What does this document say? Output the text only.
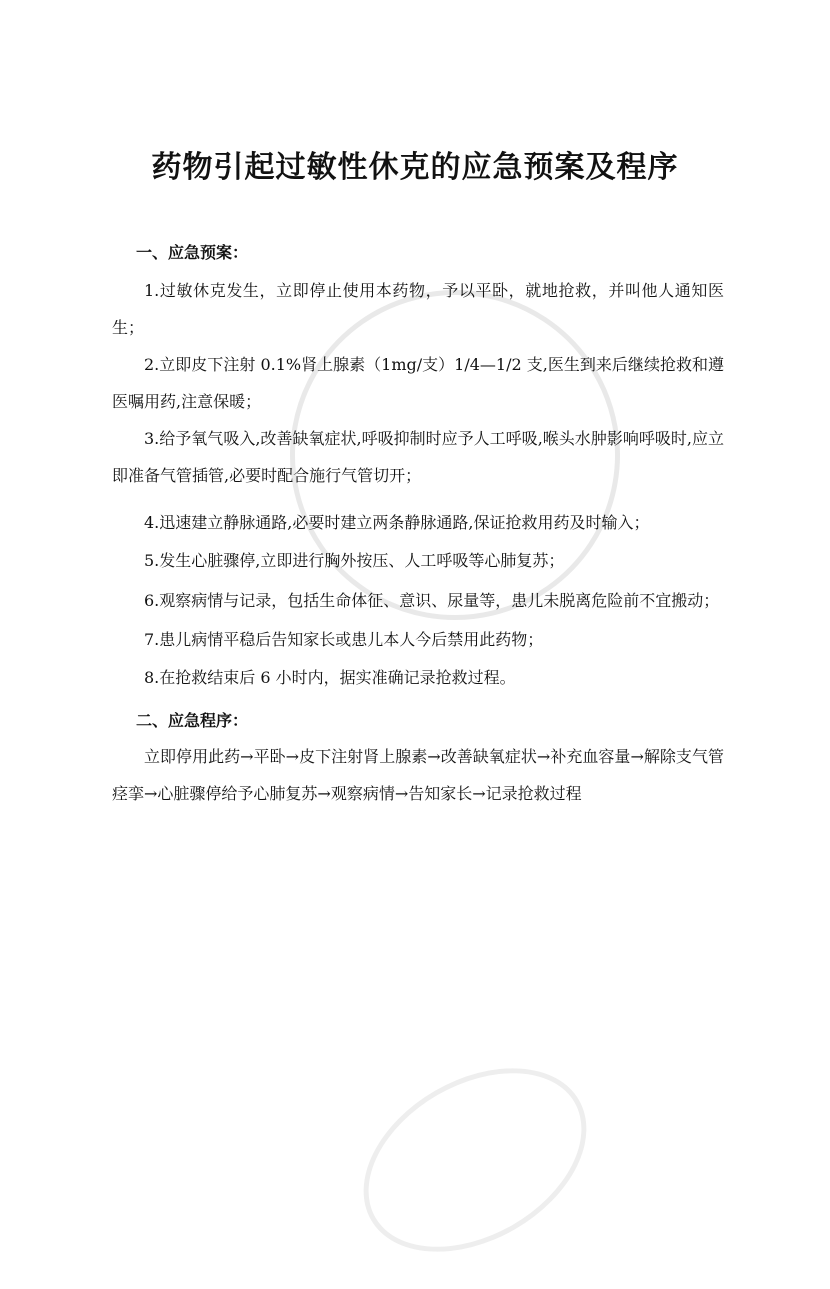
药物引起过敏性休克的应急预案及程序
一、应急预案：

1.过敏休克发生，立即停止使用本药物，予以平卧，就地抢救，并叫他人通知医生；

2.立即皮下注射 0.1%肾上腺素（1mg/支）1/4—1/2 支,医生到来后继续抢救和遵医嘱用药,注意保暖；

3.给予氧气吸入,改善缺氧症状,呼吸抑制时应予人工呼吸,喉头水肿影响呼吸时,应立即准备气管插管,必要时配合施行气管切开；

4.迅速建立静脉通路,必要时建立两条静脉通路,保证抢救用药及时输入；

5.发生心脏骤停,立即进行胸外按压、人工呼吸等心肺复苏；

6.观察病情与记录，包括生命体征、意识、尿量等，患儿未脱离危险前不宜搬动；

7.患儿病情平稳后告知家长或患儿本人今后禁用此药物；

8.在抢救结束后 6 小时内，据实准确记录抢救过程。

二、应急程序：

立即停用此药→平卧→皮下注射肾上腺素→改善缺氧症状→补充血容量→解除支气管痉挛→心脏骤停给予心肺复苏→观察病情→告知家长→记录抢救过程
